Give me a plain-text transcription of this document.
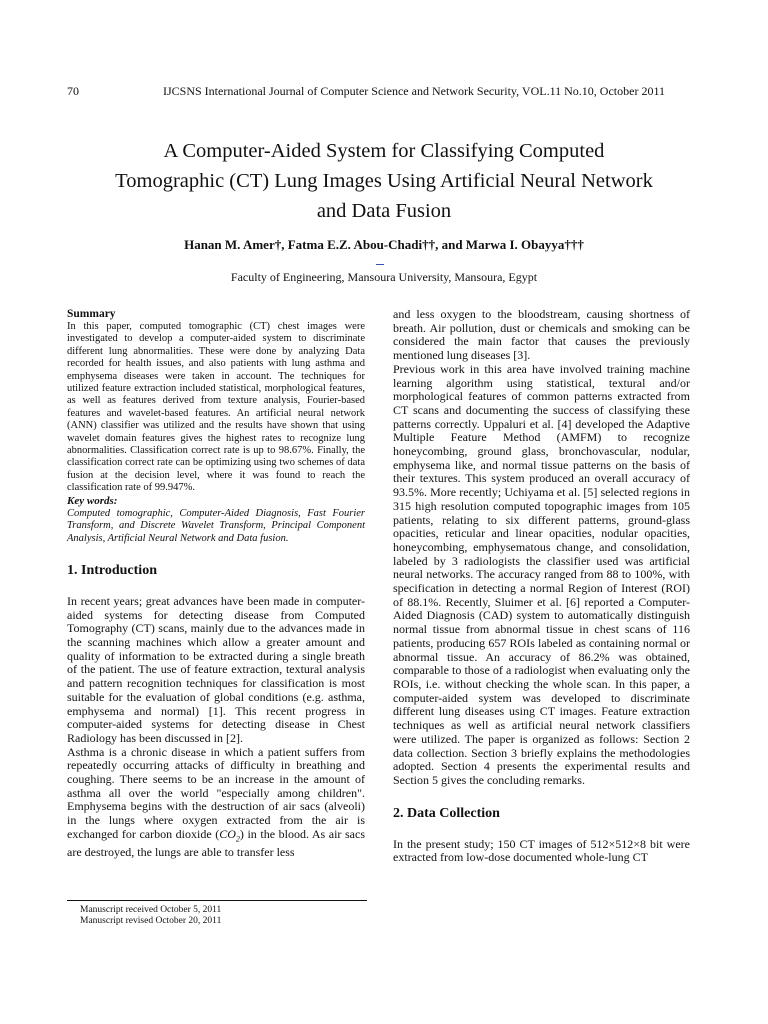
70	IJCSNS International Journal of Computer Science and Network Security, VOL.11 No.10, October 2011
A Computer-Aided System for Classifying Computed
Tomographic (CT) Lung Images Using Artificial Neural Network
and Data Fusion
Hanan M. Amer†, Fatma E.Z. Abou-Chadi††, and Marwa I. Obayya†††
Faculty of Engineering, Mansoura University, Mansoura, Egypt

Summary

In this paper, computed tomographic (CT) chest images were investigated to develop a computer-aided system to discriminate different lung abnormalities. These were done by analyzing Data recorded for health issues, and also patients with lung asthma and emphysema diseases were taken in account. The techniques for utilized feature extraction included statistical, morphological features, as well as features derived from texture analysis, Fourier-based features and wavelet-based features. An artificial neural network (ANN) classifier was utilized and the results have shown that using wavelet domain features gives the highest rates to recognize lung abnormalities. Classification correct rate is up to 98.67%. Finally, the classification correct rate can be optimizing using two schemes of data fusion at the decision level, where it was found to reach the classification rate of 99.947%.

Key words:

Computed tomographic, Computer-Aided Diagnosis, Fast Fourier Transform, and Discrete Wavelet Transform, Principal Component Analysis, Artificial Neural Network and Data fusion.

1. Introduction

In recent years; great advances have been made in computer-aided systems for detecting disease from Computed Tomography (CT) scans, mainly due to the advances made in the scanning machines which allow a greater amount and quality of information to be extracted during a single breath of the patient. The use of feature extraction, textural analysis and pattern recognition techniques for classification is most suitable for the evaluation of global conditions (e.g. asthma, emphysema and normal) [1]. This recent progress in computer-aided systems for detecting disease in Chest Radiology has been discussed in [2].

Asthma is a chronic disease in which a patient suffers from repeatedly occurring attacks of difficulty in breathing and coughing. There seems to be an increase in the amount of asthma all over the world "especially among children". Emphysema begins with the destruction of air sacs (alveoli) in the lungs where oxygen extracted from the air is exchanged for carbon dioxide $(CO_2)$ in the blood. As air sacs are destroyed, the lungs are able to transfer less

and less oxygen to the bloodstream, causing shortness of breath. Air pollution, dust or chemicals and smoking can be considered the main factor that causes the previously mentioned lung diseases [3].

Previous work in this area have involved training machine learning algorithm using statistical, textural and/or morphological features of common patterns extracted from CT scans and documenting the success of classifying these patterns correctly. Uppaluri et al. [4] developed the Adaptive Multiple Feature Method (AMFM) to recognize honeycombing, ground glass, bronchovascular, nodular, emphysema like, and normal tissue patterns on the basis of their textures. This system produced an overall accuracy of 93.5%. More recently; Uchiyama et al. [5] selected regions in 315 high resolution computed topographic images from 105 patients, relating to six different patterns, ground-glass opacities, reticular and linear opacities, nodular opacities, honeycombing, emphysematous change, and consolidation, labeled by 3 radiologists the classifier used was artificial neural networks. The accuracy ranged from 88 to 100%, with specification in detecting a normal Region of Interest (ROI) of 88.1%. Recently, Sluimer et al. [6] reported a Computer-Aided Diagnosis (CAD) system to automatically distinguish normal tissue from abnormal tissue in chest scans of 116 patients, producing 657 ROIs labeled as containing normal or abnormal tissue. An accuracy of 86.2% was obtained, comparable to those of a radiologist when evaluating only the ROIs, i.e. without checking the whole scan. In this paper, a computer-aided system was developed to discriminate different lung diseases using CT images. Feature extraction techniques as well as artificial neural network classifiers were utilized. The paper is organized as follows: Section 2 data collection. Section 3 briefly explains the methodologies adopted. Section 4 presents the experimental results and Section 5 gives the concluding remarks.

2. Data Collection
In the present study; 150 CT images of 512×512×8 bit were extracted from low-dose documented whole-lung CT
Manuscript received October 5, 2011
Manuscript revised October 20, 2011
